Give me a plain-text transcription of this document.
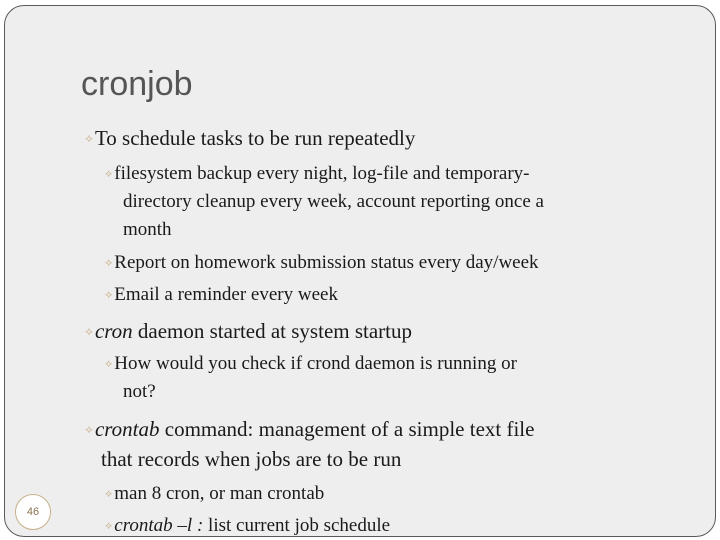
cronjob
⟡To schedule tasks to be run repeatedly
⟡ filesystem backup every night, log-file and temporary-
directory cleanup every week, account reporting once a
month
⟡ Report on homework submission status every day/week
⟡ Email a reminder every week
⟡cron daemon started at system startup
⟡ How would you check if crond daemon is running or
not?
⟡crontab command: management of a simple text file
that records when jobs are to be run
⟡ man 8 cron, or man crontab
⟡ crontab –l : list current job schedule
46
